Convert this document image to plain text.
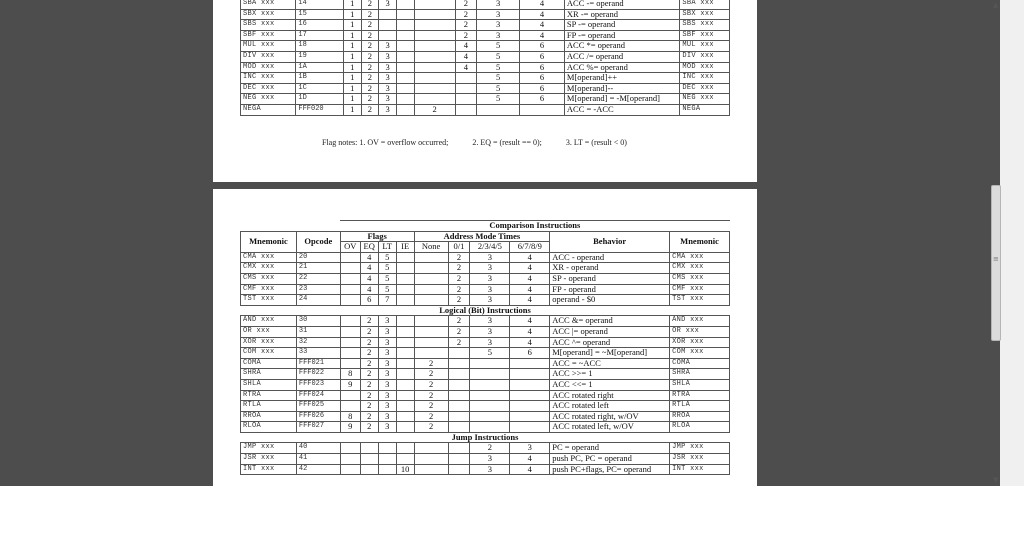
SBA xxx	14	1	2	3			2	3	4	ACC -= operand	SBA xxx
SBX xxx	15	1	2				2	3	4	XR -= operand	SBX xxx
SBS xxx	16	1	2				2	3	4	SP -= operand	SBS xxx
SBF xxx	17	1	2				2	3	4	FP -= operand	SBF xxx
MUL xxx	18	1	2	3			4	5	6	ACC *= operand	MUL xxx
DIV xxx	19	1	2	3			4	5	6	ACC /= operand	DIV xxx
MOD xxx	1A	1	2	3			4	5	6	ACC %= operand	MOD xxx
INC xxx	1B	1	2	3				5	6	M[operand]++	INC xxx
DEC xxx	1C	1	2	3				5	6	M[operand]--	DEC xxx
NEG xxx	1D	1	2	3				5	6	M[operand] = -M[operand]	NEG xxx
NEGA	FFF020	1	2	3		2				ACC = -ACC	NEGA
Flag notes: 1. OV = overflow occurred;	2. EQ = (result == 0);	3. LT = (result < 0)
		Comparison Instructions									
Mnemonic	Opcode	Flags				Address Mode Times				Behavior	Mnemonic
		OV	EQ	LT	IE	None	0/1	2/3/4/5	6/7/8/9		
CMA xxx	20		4	5			2	3	4	ACC - operand	CMA xxx
CMX xxx	21		4	5			2	3	4	XR - operand	CMX xxx
CMS xxx	22		4	5			2	3	4	SP - operand	CMS xxx
CMF xxx	23		4	5			2	3	4	FP - operand	CMF xxx
TST xxx	24		6	7			2	3	4	operand - $0	TST xxx
Logical (Bit) Instructions											
AND xxx	30		2	3			2	3	4	ACC &= operand	AND xxx
OR xxx	31		2	3			2	3	4	ACC |= operand	OR xxx
XOR xxx	32		2	3			2	3	4	ACC ^= operand	XOR xxx
COM xxx	33		2	3				5	6	M[operand] = ~M[operand]	COM xxx
COMA	FFF021		2	3		2				ACC = ~ACC	COMA
SHRA	FFF022	8	2	3		2				ACC >>= 1	SHRA
SHLA	FFF023	9	2	3		2				ACC <<= 1	SHLA
RTRA	FFF024		2	3		2				ACC rotated right	RTRA
RTLA	FFF025		2	3		2				ACC rotated left	RTLA
RROA	FFF026	8	2	3		2				ACC rotated right, w/OV	RROA
RLOA	FFF027	9	2	3		2				ACC rotated left, w/OV	RLOA
Jump Instructions											
JMP xxx	40							2	3	PC = operand	JMP xxx
JSR xxx	41							3	4	push PC, PC = operand	JSR xxx
INT xxx	42				10			3	4	push PC+flags, PC= operand	INT xxx
▲
≡
▼
